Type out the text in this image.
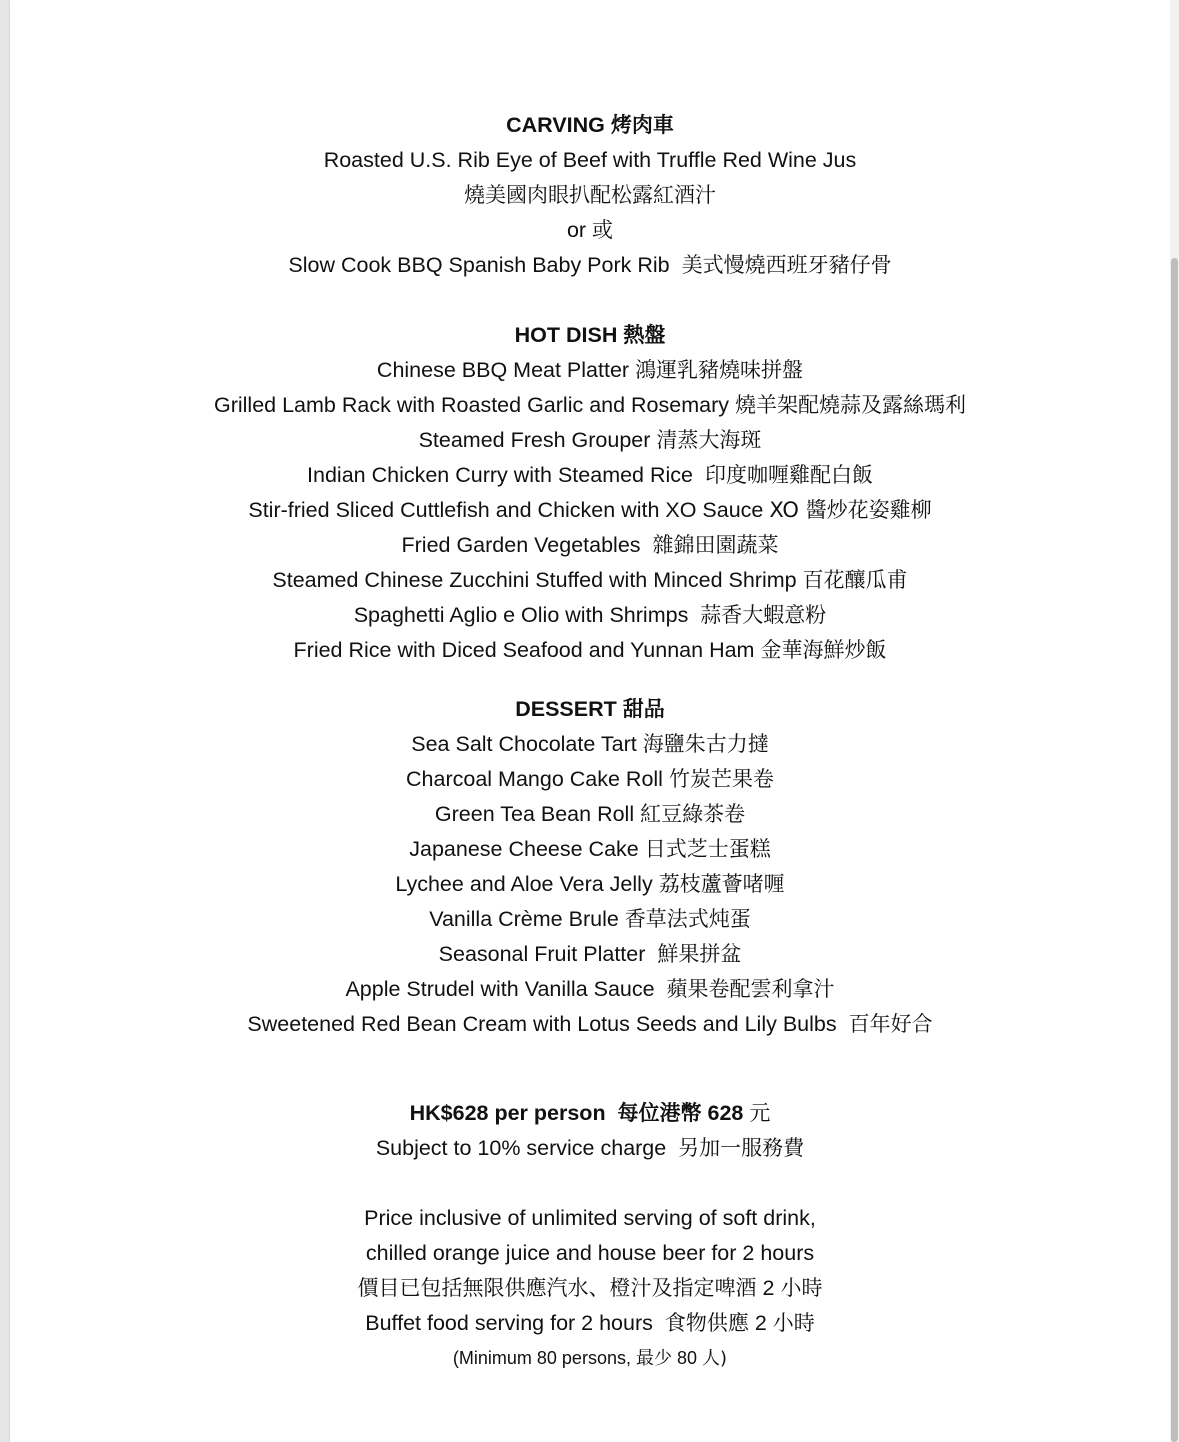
CARVING 烤肉車
Roasted U.S. Rib Eye of Beef with Truffle Red Wine Jus
燒美國肉眼扒配松露紅酒汁
or 或
Slow Cook BBQ Spanish Baby Pork Rib 美式慢燒西班牙豬仔骨
HOT DISH 熱盤
Chinese BBQ Meat Platter 鴻運乳豬燒味拼盤
Grilled Lamb Rack with Roasted Garlic and Rosemary 燒羊架配燒蒜及露絲瑪利
Steamed Fresh Grouper 清蒸大海斑
Indian Chicken Curry with Steamed Rice 印度咖喱雞配白飯
Stir-fried Sliced Cuttlefish and Chicken with XO Sauce XO 醬炒花姿雞柳
Fried Garden Vegetables 雜錦田園蔬菜
Steamed Chinese Zucchini Stuffed with Minced Shrimp 百花釀瓜甫
Spaghetti Aglio e Olio with Shrimps 蒜香大蝦意粉
Fried Rice with Diced Seafood and Yunnan Ham 金華海鮮炒飯
DESSERT 甜品
Sea Salt Chocolate Tart 海鹽朱古力撻
Charcoal Mango Cake Roll 竹炭芒果卷
Green Tea Bean Roll 紅豆綠茶卷
Japanese Cheese Cake 日式芝士蛋糕
Lychee and Aloe Vera Jelly 荔枝蘆薈啫喱
Vanilla Crème Brule 香草法式炖蛋
Seasonal Fruit Platter 鮮果拼盆
Apple Strudel with Vanilla Sauce 蘋果卷配雲利拿汁
Sweetened Red Bean Cream with Lotus Seeds and Lily Bulbs 百年好合
HK$628 per person 每位港幣 628 元
Subject to 10% service charge 另加一服務費
Price inclusive of unlimited serving of soft drink,
chilled orange juice and house beer for 2 hours
價目已包括無限供應汽水、橙汁及指定啤酒 2 小時
Buffet food serving for 2 hours 食物供應 2 小時
(Minimum 80 persons, 最少 80 人)
